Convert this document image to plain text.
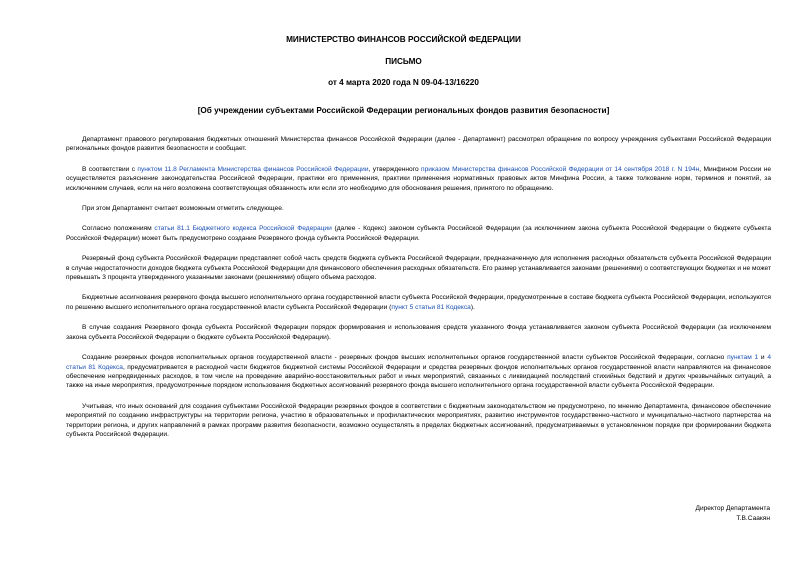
МИНИСТЕРСТВО ФИНАНСОВ РОССИЙСКОЙ ФЕДЕРАЦИИ
ПИСЬМО
от 4 марта 2020 года N 09-04-13/16220
[Об учреждении субъектами Российской Федерации региональных фондов развития безопасности]

Департамент правового регулирования бюджетных отношений Министерства финансов Российской Федерации (далее - Департамент) рассмотрел обращение по вопросу учреждения субъектами Российской Федерации региональных фондов развития безопасности и сообщает.

В соответствии с пунктом 11.8 Регламента Министерства финансов Российской Федерации, утвержденного приказом Министерства финансов Российской Федерации от 14 сентября 2018 г. N 194н, Минфином России не осуществляется разъяснение законодательства Российской Федерации, практики его применения, практики применения нормативных правовых актов Минфина России, а также толкование норм, терминов и понятий, за исключением случаев, если на него возложена соответствующая обязанность или если это необходимо для обоснования решения, принятого по обращению.

При этом Департамент считает возможным отметить следующее.

Согласно положениям статьи 81.1 Бюджетного кодекса Российской Федерации (далее - Кодекс) законом субъекта Российской Федерации (за исключением закона субъекта Российской Федерации о бюджете субъекта Российской Федерации) может быть предусмотрено создание Резервного фонда субъекта Российской Федерации.

Резервный фонд субъекта Российской Федерации представляет собой часть средств бюджета субъекта Российской Федерации, предназначенную для исполнения расходных обязательств субъекта Российской Федерации в случае недостаточности доходов бюджета субъекта Российской Федерации для финансового обеспечения расходных обязательств. Его размер устанавливается законами (решениями) о соответствующих бюджетах и не может превышать 3 процента утвержденного указанными законами (решениями) общего объема расходов.

Бюджетные ассигнования резервного фонда высшего исполнительного органа государственной власти субъекта Российской Федерации, предусмотренные в составе бюджета субъекта Российской Федерации, используются по решению высшего исполнительного органа государственной власти субъекта Российской Федерации (пункт 5 статьи 81 Кодекса).

В случае создания Резервного фонда субъекта Российской Федерации порядок формирования и использования средств указанного Фонда устанавливается законом субъекта Российской Федерации (за исключением закона субъекта Российской Федерации о бюджете субъекта Российской Федерации).

Создание резервных фондов исполнительных органов государственной власти - резервных фондов высших исполнительных органов государственной власти субъектов Российской Федерации, согласно пунктам 1 и 4 статьи 81 Кодекса, предусматривается в расходной части бюджетов бюджетной системы Российской Федерации и средства резервных фондов исполнительных органов государственной власти направляются на финансовое обеспечение непредвиденных расходов, в том числе на проведение аварийно-восстановительных работ и иных мероприятий, связанных с ликвидацией последствий стихийных бедствий и других чрезвычайных ситуаций, а также на иные мероприятия, предусмотренные порядком использования бюджетных ассигнований резервного фонда высшего исполнительного органа государственной власти субъекта Российской Федерации.

Учитывая, что иных оснований для создания субъектами Российской Федерации резервных фондов в соответствии с бюджетным законодательством не предусмотрено, по мнению Департамента, финансовое обеспечение мероприятий по созданию инфраструктуры на территории региона, участию в образовательных и профилактических мероприятиях, развитию инструментов государственно-частного и муниципально-частного партнерства на территории региона, и других направлений в рамках программ развития безопасности, возможно осуществлять в пределах бюджетных ассигнований, предусматриваемых в установленном порядке при формировании бюджета субъекта Российской Федерации.

Директор Департамента
Т.В.Саакян
